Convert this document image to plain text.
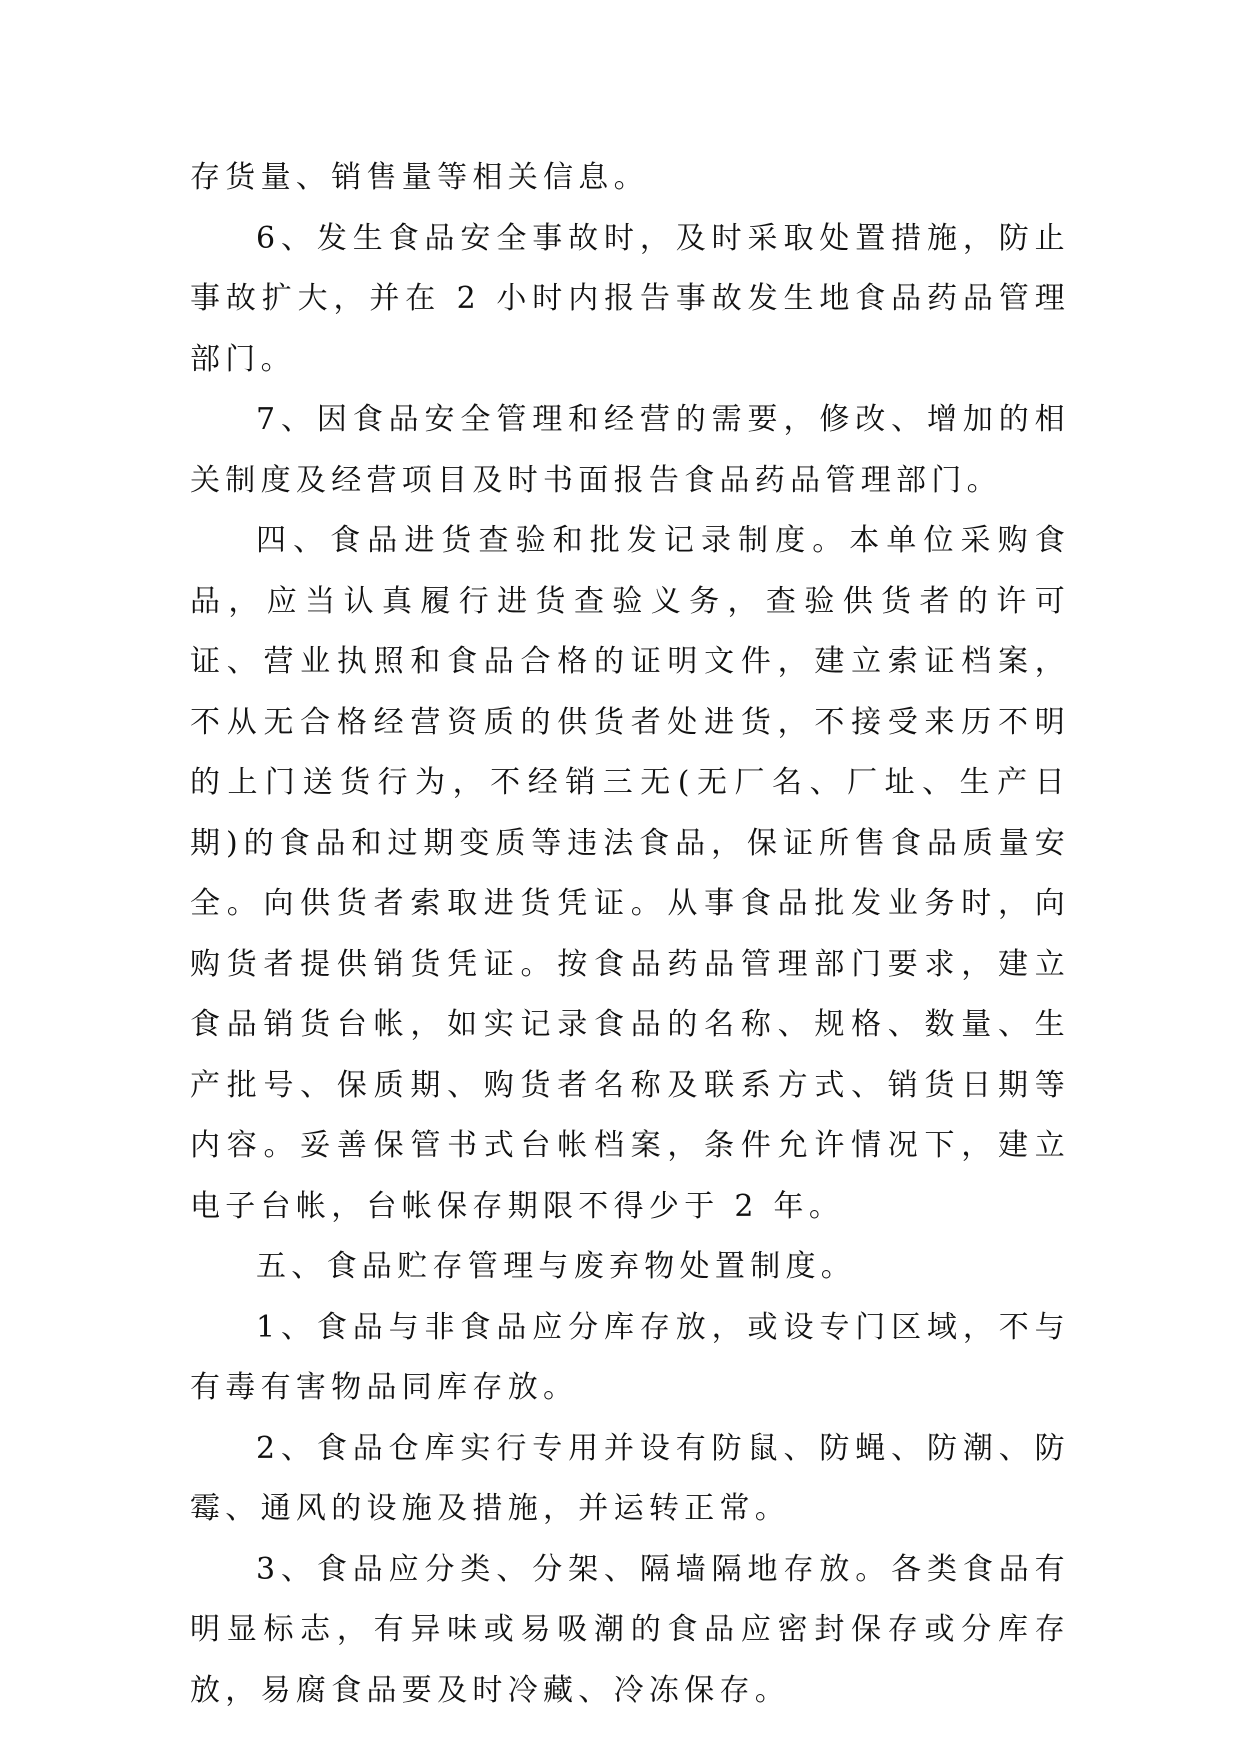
存货量、销售量等相关信息。

6、发生食品安全事故时，及时采取处置措施，防止事故扩大，并在 2 小时内报告事故发生地食品药品管理部门。

7、因食品安全管理和经营的需要，修改、增加的相关制度及经营项目及时书面报告食品药品管理部门。

四、食品进货查验和批发记录制度。本单位采购食品，应当认真履行进货查验义务，查验供货者的许可证、营业执照和食品合格的证明文件，建立索证档案，不从无合格经营资质的供货者处进货，不接受来历不明的上门送货行为，不经销三无(无厂名、厂址、生产日期)的食品和过期变质等违法食品，保证所售食品质量安全。向供货者索取进货凭证。从事食品批发业务时，向购货者提供销货凭证。按食品药品管理部门要求，建立食品销货台帐，如实记录食品的名称、规格、数量、生产批号、保质期、购货者名称及联系方式、销货日期等内容。妥善保管书式台帐档案，条件允许情况下，建立电子台帐，台帐保存期限不得少于 2 年。

五、食品贮存管理与废弃物处置制度。

1、食品与非食品应分库存放，或设专门区域，不与有毒有害物品同库存放。

2、食品仓库实行专用并设有防鼠、防蝇、防潮、防霉、通风的设施及措施，并运转正常。

3、食品应分类、分架、隔墙隔地存放。各类食品有明显标志，有异味或易吸潮的食品应密封保存或分库存放，易腐食品要及时冷藏、冷冻保存。
